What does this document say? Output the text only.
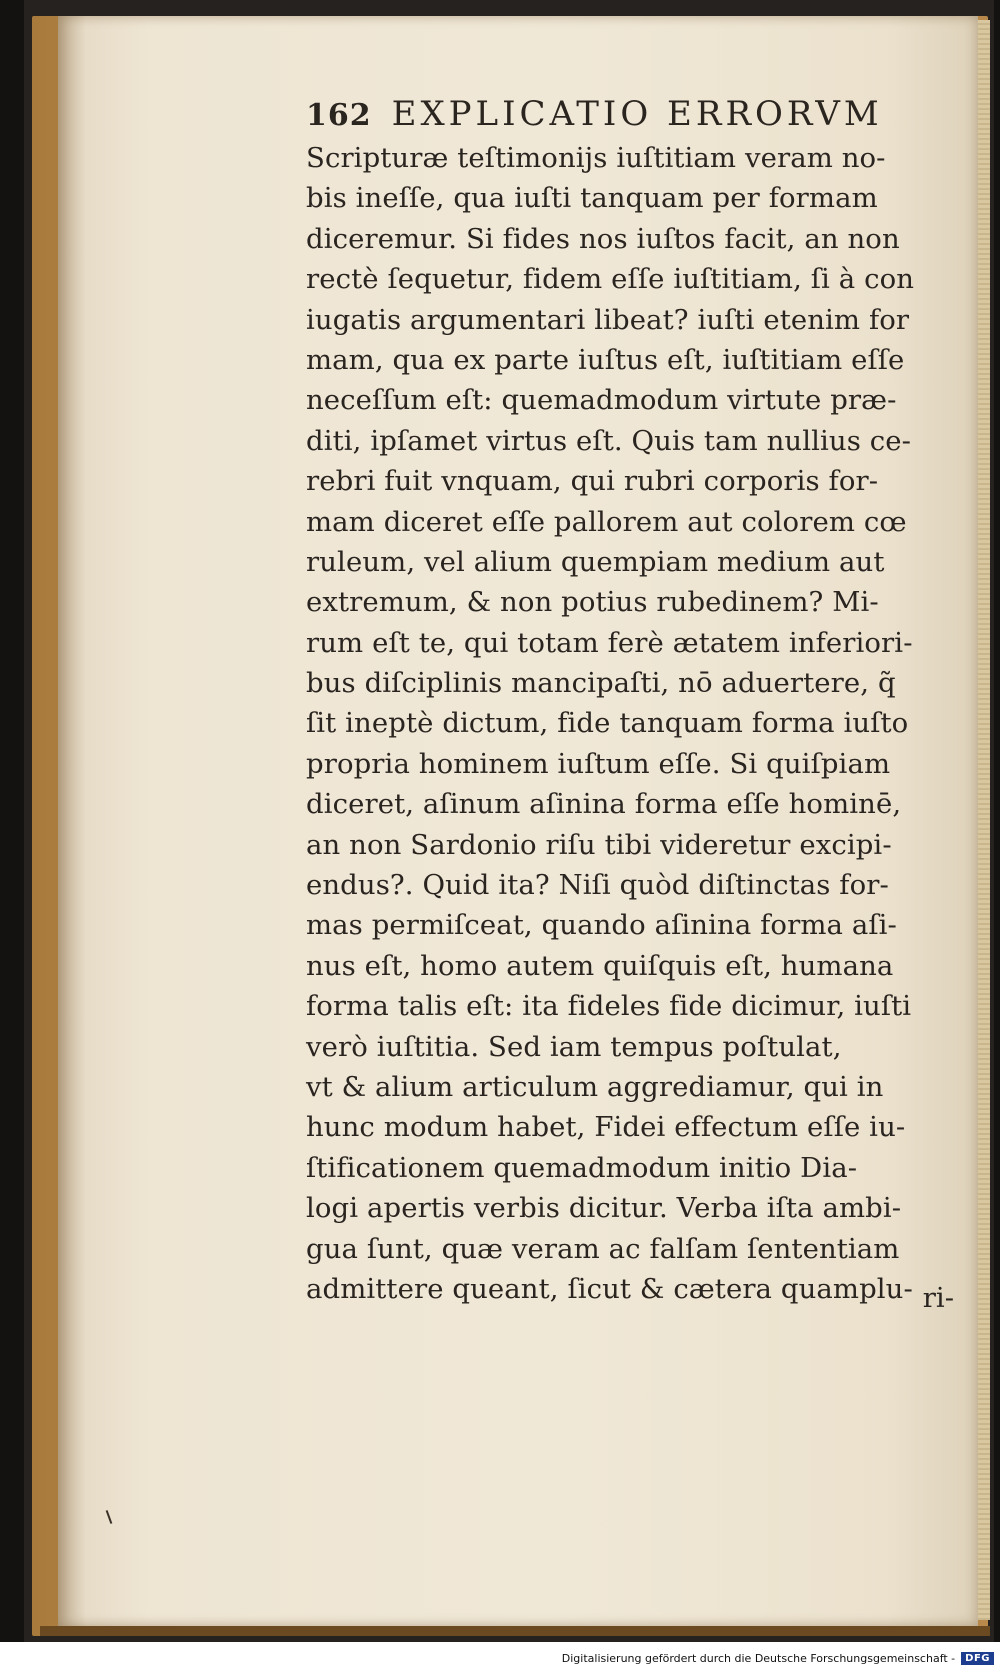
162 EXPLICATIO ERRORVM
Scripturæ teſtimonijs iuſtitiam veram no-
bis ineſſe, qua iuſti tanquam per formam
diceremur. Si fides nos iuſtos facit, an non
rectè ſequetur, fidem eſſe iuſtitiam, ſi à con
iugatis argumentari libeat? iuſti etenim for
mam, qua ex parte iuſtus eſt, iuſtitiam eſſe
neceſſum eſt: quemadmodum virtute præ-
diti, ipſamet virtus eſt. Quis tam nullius ce-
rebri fuit vnquam, qui rubri corporis for-
mam diceret eſſe pallorem aut colorem cœ
ruleum, vel alium quempiam medium aut
extremum, & non potius rubedinem? Mi-
rum eſt te, qui totam ferè ætatem inferiori-
bus diſciplinis mancipaſti, nō aduertere, q̃
ſit ineptè dictum, fide tanquam forma iuſto
propria hominem iuſtum eſſe. Si quiſpiam
diceret, aſinum aſinina forma eſſe hominē,
an non Sardonio riſu tibi videretur excipi-
endus?. Quid ita? Niſi quòd diſtinctas for-
mas permiſceat, quando aſinina forma aſi-
nus eſt, homo autem quiſquis eſt, humana
forma talis eſt: ita fideles fide dicimur, iuſti
verò iuſtitia. Sed iam tempus poſtulat,
vt & alium articulum aggrediamur, qui in
hunc modum habet, Fidei effectum eſſe iu-
ſtificationem quemadmodum initio Dia-
logi apertis verbis dicitur. Verba iſta ambi-
gua ſunt, quæ veram ac falſam ſententiam
admittere queant, ſicut & cætera quamplu- ri-
Digitalisierung gefördert durch die Deutsche Forschungsgemeinschaft -	DFG
